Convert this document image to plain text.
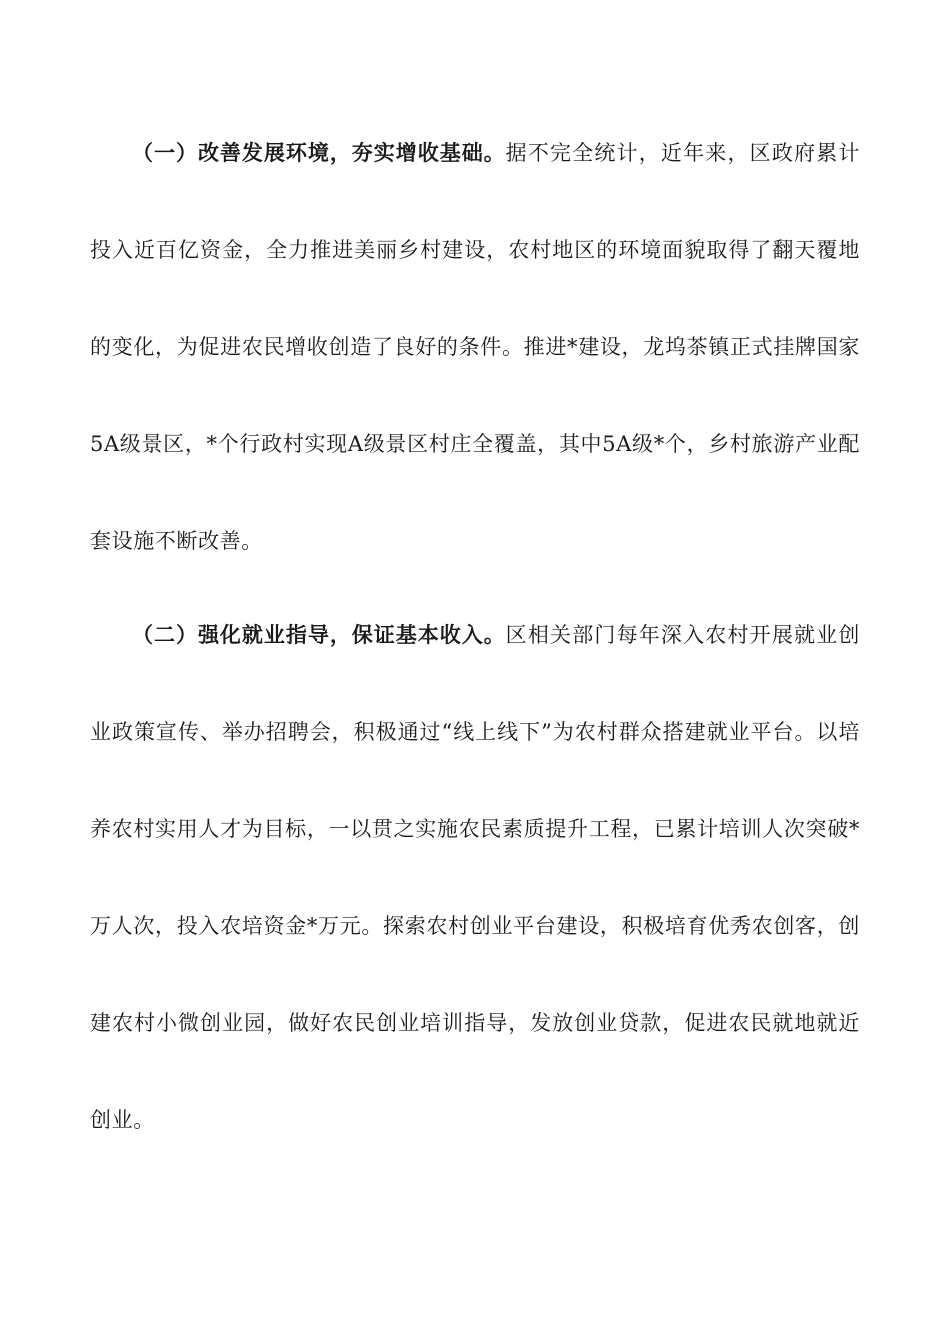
（一）改善发展环境，夯实增收基础。据不完全统计，近年来，区政府累计投入近百亿资金，全力推进美丽乡村建设，农村地区的环境面貌取得了翻天覆地的变化，为促进农民增收创造了良好的条件。推进*建设，龙坞茶镇正式挂牌国家5A级景区，*个行政村实现A级景区村庄全覆盖，其中5A级*个，乡村旅游产业配套设施不断改善。

（二）强化就业指导，保证基本收入。区相关部门每年深入农村开展就业创业政策宣传、举办招聘会，积极通过“线上线下”为农村群众搭建就业平台。以培养农村实用人才为目标，一以贯之实施农民素质提升工程，已累计培训人次突破*万人次，投入农培资金*万元。探索农村创业平台建设，积极培育优秀农创客，创建农村小微创业园，做好农民创业培训指导，发放创业贷款，促进农民就地就近创业。
